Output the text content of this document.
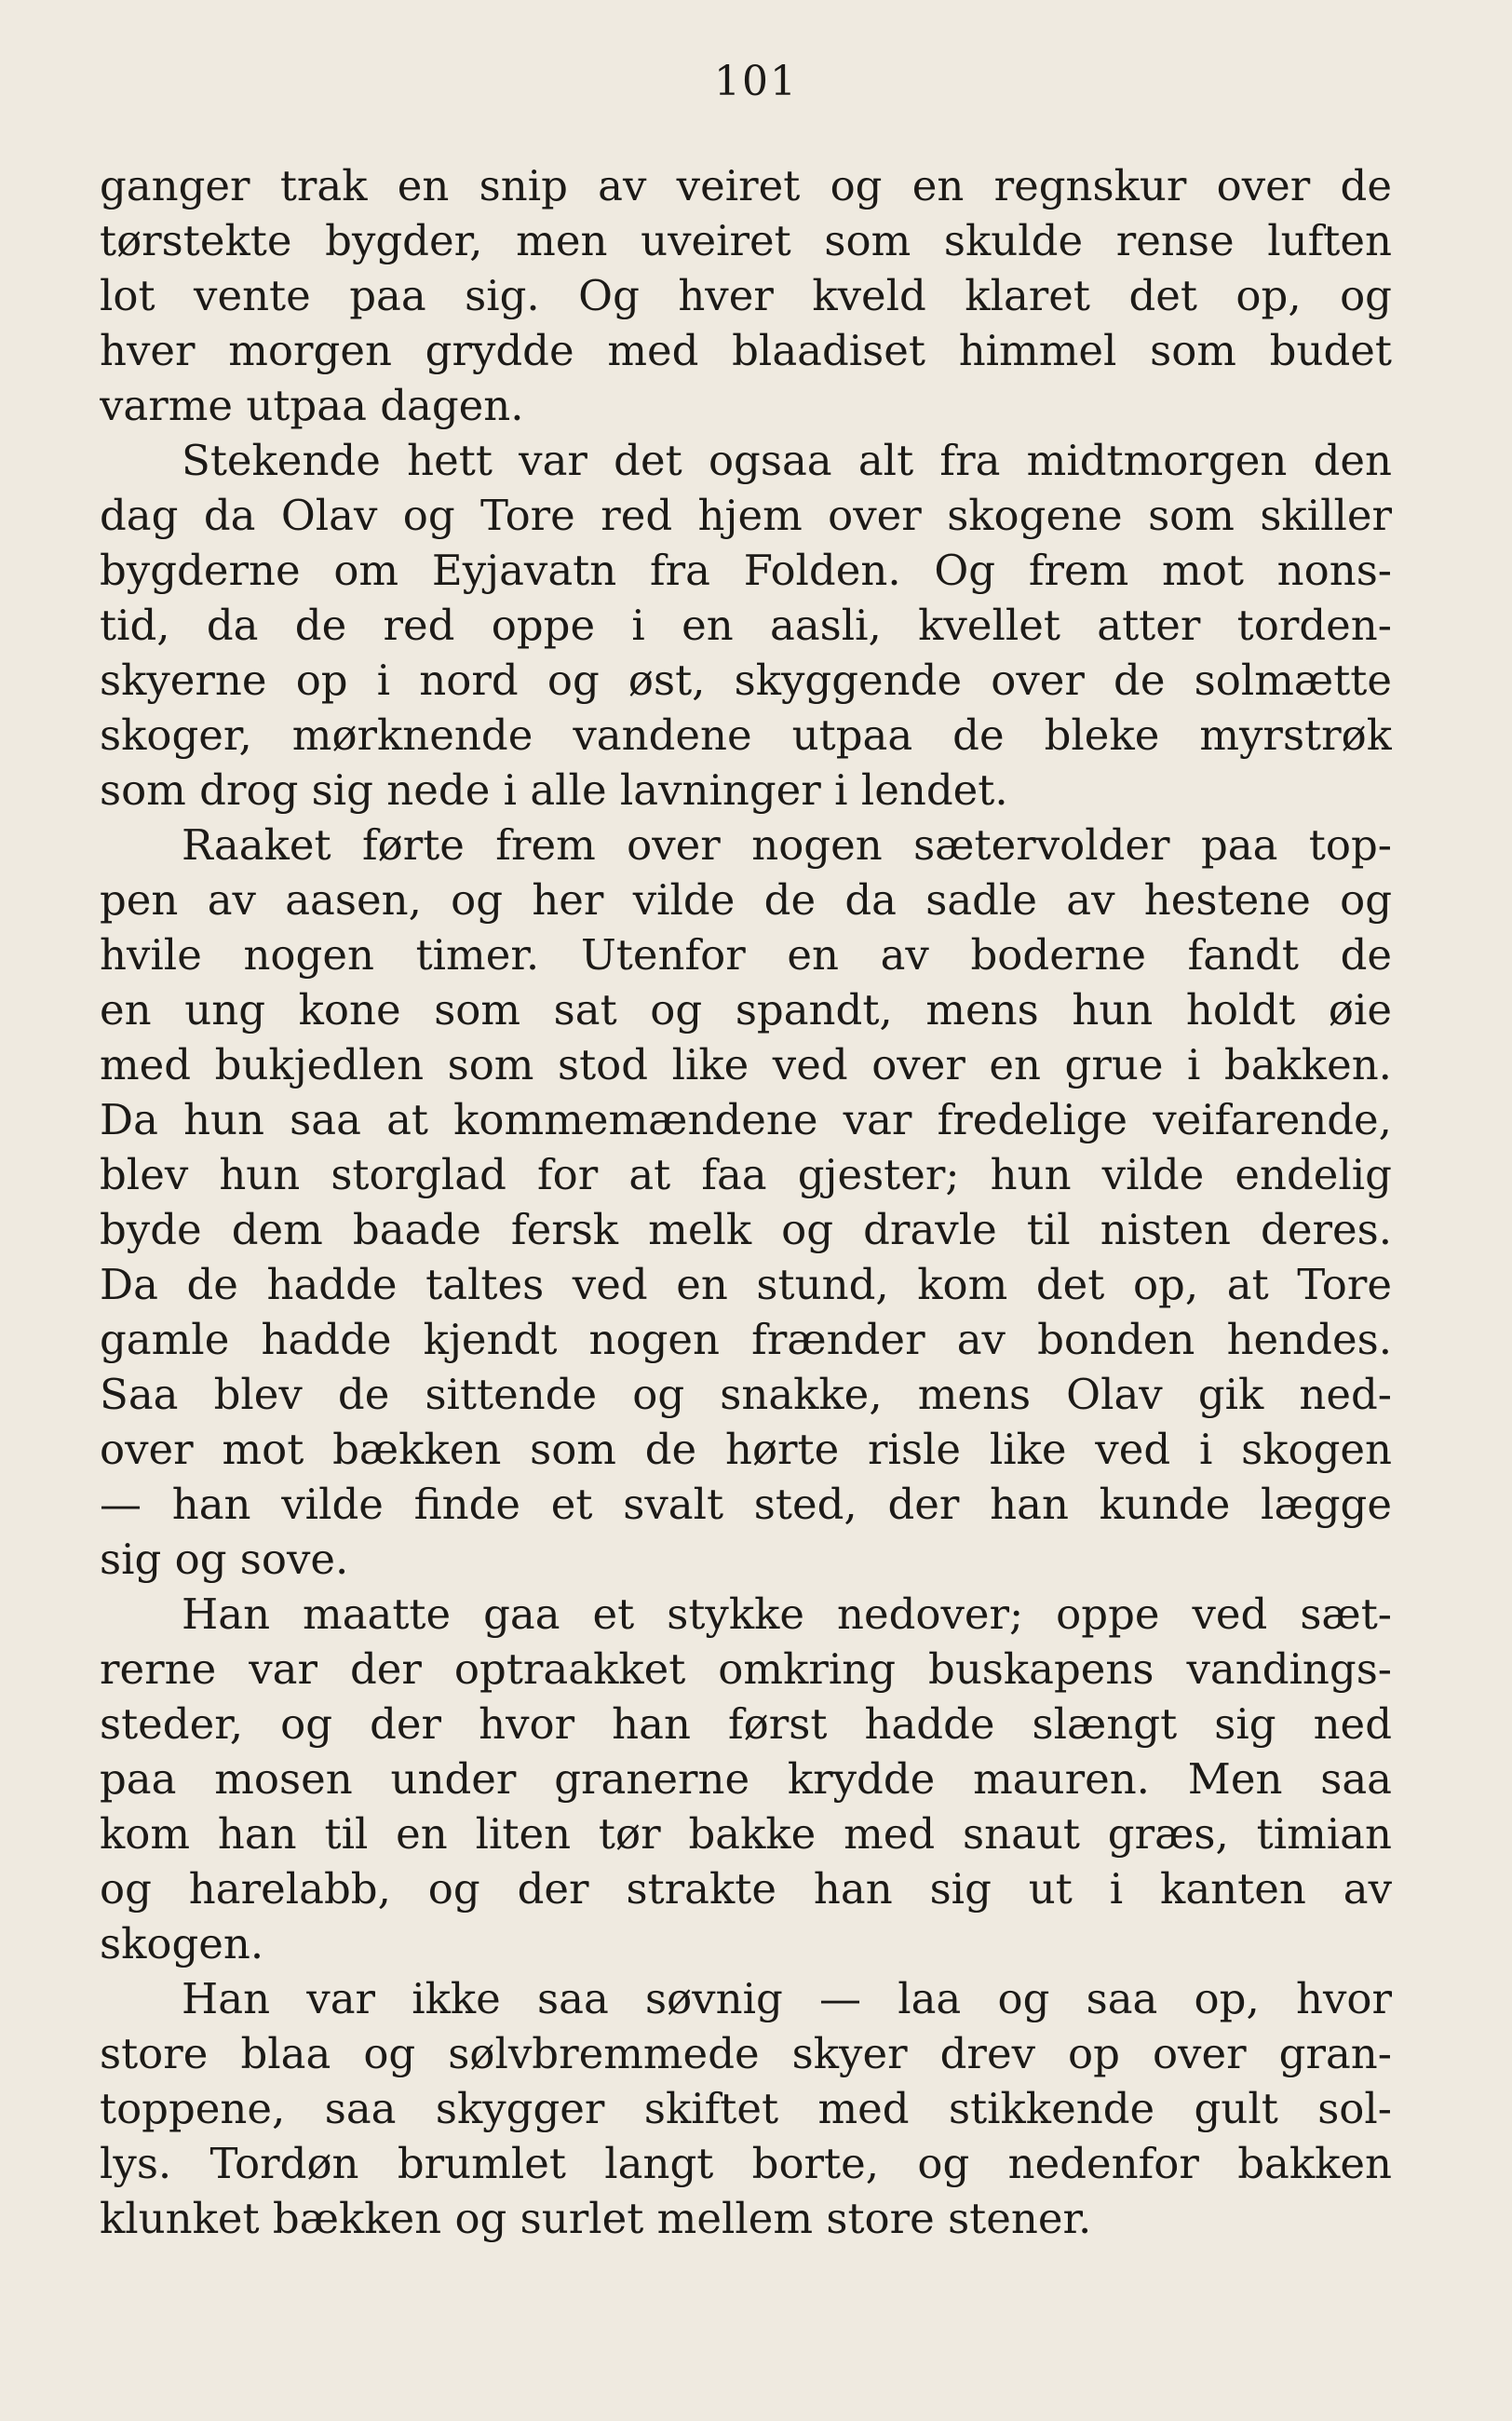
101
ganger trak en snip av veiret og en regnskur over de
tørstekte bygder, men uveiret som skulde rense luften
lot vente paa sig. Og hver kveld klaret det op, og
hver morgen grydde med blaadiset himmel som budet
varme utpaa dagen.
Stekende hett var det ogsaa alt fra midtmorgen den
dag da Olav og Tore red hjem over skogene som skiller
bygderne om Eyjavatn fra Folden. Og frem mot nons-
tid, da de red oppe i en aasli, kvellet atter torden-
skyerne op i nord og øst, skyggende over de solmætte
skoger, mørknende vandene utpaa de bleke myrstrøk
som drog sig nede i alle lavninger i lendet.
Raaket førte frem over nogen sætervolder paa top-
pen av aasen, og her vilde de da sadle av hestene og
hvile nogen timer. Utenfor en av boderne fandt de
en ung kone som sat og spandt, mens hun holdt øie
med bukjedlen som stod like ved over en grue i bakken.
Da hun saa at kommemændene var fredelige veifarende,
blev hun storglad for at faa gjester; hun vilde endelig
byde dem baade fersk melk og dravle til nisten deres.
Da de hadde taltes ved en stund, kom det op, at Tore
gamle hadde kjendt nogen frænder av bonden hendes.
Saa blev de sittende og snakke, mens Olav gik ned-
over mot bækken som de hørte risle like ved i skogen
— han vilde finde et svalt sted, der han kunde lægge
sig og sove.
Han maatte gaa et stykke nedover; oppe ved sæt-
rerne var der optraakket omkring buskapens vandings-
steder, og der hvor han først hadde slængt sig ned
paa mosen under granerne krydde mauren. Men saa
kom han til en liten tør bakke med snaut græs, timian
og harelabb, og der strakte han sig ut i kanten av
skogen.
Han var ikke saa søvnig — laa og saa op, hvor
store blaa og sølvbremmede skyer drev op over gran-
toppene, saa skygger skiftet med stikkende gult sol-
lys. Tordøn brumlet langt borte, og nedenfor bakken
klunket bækken og surlet mellem store stener.
